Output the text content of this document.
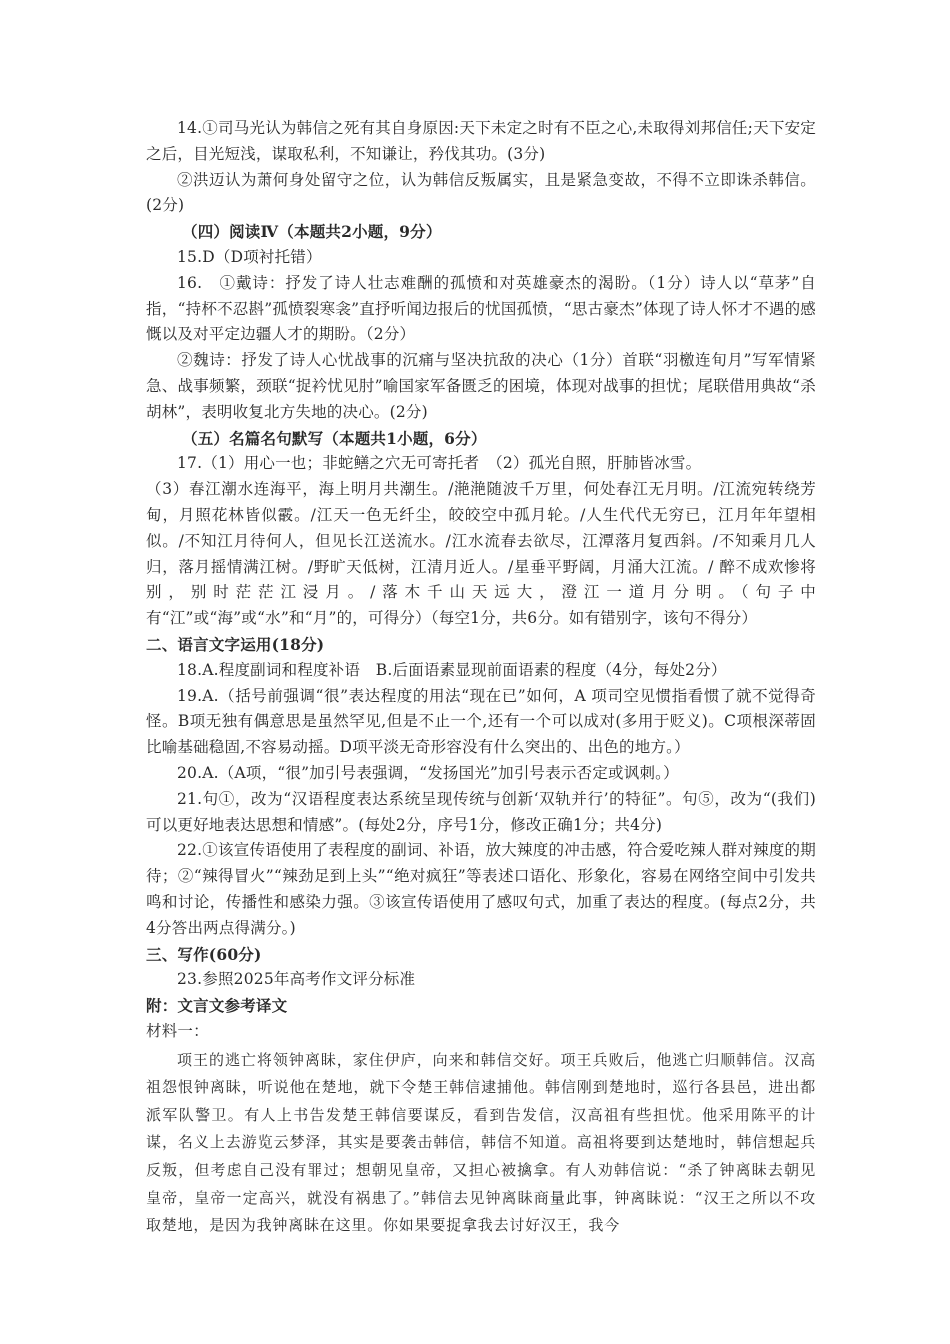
14.①司马光认为韩信之死有其自身原因:天下未定之时有不臣之心,未取得刘邦信任;天下安定之后，目光短浅，谋取私利，不知谦让，矜伐其功。(3分)

②洪迈认为萧何身处留守之位，认为韩信反叛属实，且是紧急变故，不得不立即诛杀韩信。(2分)

（四）阅读Ⅳ（本题共2小题，9分）

15.D（D项衬托错）

16.　①戴诗：抒发了诗人壮志难酬的孤愤和对英雄豪杰的渴盼。（1分）诗人以“草茅”自指，“持杯不忍斟”孤愤裂寒衾”直抒听闻边报后的忧国孤愤，“思古豪杰”体现了诗人怀才不遇的感慨以及对平定边疆人才的期盼。（2分）

②魏诗：抒发了诗人心忧战事的沉痛与坚决抗敌的决心（1分）首联“羽檄连旬月”写军情紧急、战事频繁，颈联“捉衿忧见肘”喻国家军备匮乏的困境，体现对战事的担忧；尾联借用典故“杀胡林”，表明收复北方失地的决心。(2分)

（五）名篇名句默写（本题共1小题，6分）

17.（1）用心一也；非蛇鳝之穴无可寄托者　（2）孤光自照，肝肺皆冰雪。

（3）春江潮水连海平，海上明月共潮生。/滟滟随波千万里，何处春江无月明。/江流宛转绕芳甸，月照花林皆似霰。/江天一色无纤尘，皎皎空中孤月轮。/人生代代无穷已，江月年年望相似。/不知江月待何人，但见长江送流水。/江水流春去欲尽，江潭落月复西斜。/不知乘月几人归，落月摇情满江树。/野旷天低树，江清月近人。/星垂平野阔，月涌大江流。/ 醉不成欢惨将别，别时茫茫江浸月。/落木千山天远大，澄江一道月分明。（句子中有“江”或“海”或“水”和“月”的，可得分）（每空1分，共6分。如有错别字，该句不得分）

二、语言文字运用(18分)

18.A.程度副词和程度补语　B.后面语素显现前面语素的程度（4分，每处2分）

19.A.（括号前强调“很”表达程度的用法“现在已”如何，A 项司空见惯指看惯了就不觉得奇怪。B项无独有偶意思是虽然罕见,但是不止一个,还有一个可以成对(多用于贬义)。C项根深蒂固比喻基础稳固,不容易动摇。D项平淡无奇形容没有什么突出的、出色的地方。）

20.A.（A项，“很”加引号表强调，“发扬国光”加引号表示否定或讽刺。）

21.句①，改为“汉语程度表达系统呈现传统与创新‘双轨并行’的特征”。句⑤，改为“(我们) 可以更好地表达思想和情感”。(每处2分，序号1分，修改正确1分；共4分)

22.①该宣传语使用了表程度的副词、补语，放大辣度的冲击感，符合爱吃辣人群对辣度的期待；②“辣得冒火”“辣劲足到上头”“绝对疯狂”等表述口语化、形象化，容易在网络空间中引发共鸣和讨论，传播性和感染力强。③该宣传语使用了感叹句式，加重了表达的程度。(每点2分，共4分答出两点得满分。)

三、写作(60分)

23.参照2025年高考作文评分标准

附：文言文参考译文

材料一：

项王的逃亡将领钟离眛，家住伊庐，向来和韩信交好。项王兵败后，他逃亡归顺韩信。汉高祖怨恨钟离眛，听说他在楚地，就下令楚王韩信逮捕他。韩信刚到楚地时，巡行各县邑，进出都派军队警卫。有人上书告发楚王韩信要谋反，看到告发信，汉高祖有些担忧。他采用陈平的计谋，名义上去游览云梦泽，其实是要袭击韩信，韩信不知道。高祖将要到达楚地时，韩信想起兵反叛，但考虑自己没有罪过；想朝见皇帝，又担心被擒拿。有人劝韩信说：“杀了钟离眛去朝见皇帝，皇帝一定高兴，就没有祸患了。”韩信去见钟离眛商量此事，钟离眛说：“汉王之所以不攻取楚地，是因为我钟离眛在这里。你如果要捉拿我去讨好汉王，我今
